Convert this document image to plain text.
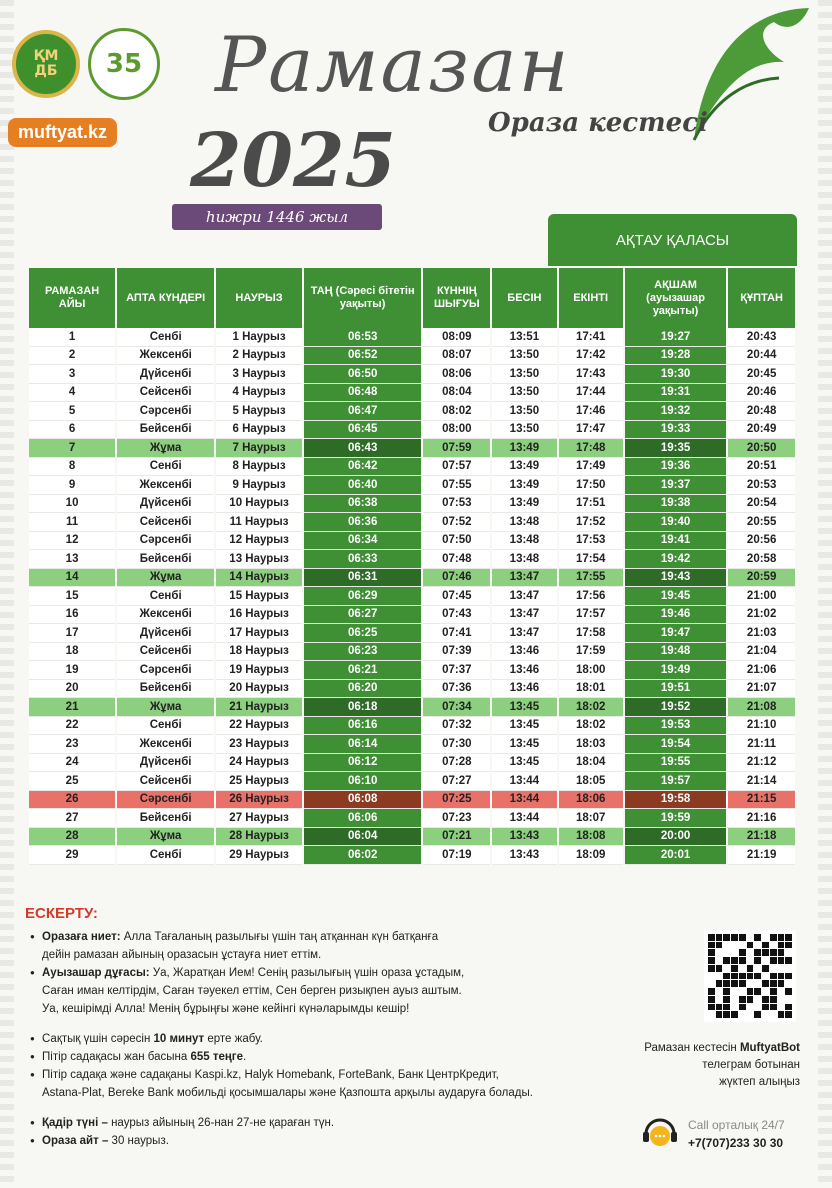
ҚМ
ДБ 35
muftyat.kz
Рамазан
Ораза кестесі
2025
hижри 1446 жыл
АҚТАУ ҚАЛАСЫ
РАМАЗАН АЙЫ	АПТА КҮНДЕРІ	НАУРЫЗ	ТАҢ (Сәресі бітетін уақыты)	КҮННІҢ ШЫҒУЫ	БЕСІН	ЕКІНТІ	АҚШАМ (ауызашар уақыты)	ҚҰПТАН
1	Сенбі	1 Наурыз	06:53	08:09	13:51	17:41	19:27	20:43
2	Жексенбі	2 Наурыз	06:52	08:07	13:50	17:42	19:28	20:44
3	Дүйсенбі	3 Наурыз	06:50	08:06	13:50	17:43	19:30	20:45
4	Сейсенбі	4 Наурыз	06:48	08:04	13:50	17:44	19:31	20:46
5	Сәрсенбі	5 Наурыз	06:47	08:02	13:50	17:46	19:32	20:48
6	Бейсенбі	6 Наурыз	06:45	08:00	13:50	17:47	19:33	20:49
7	Жұма	7 Наурыз	06:43	07:59	13:49	17:48	19:35	20:50
8	Сенбі	8 Наурыз	06:42	07:57	13:49	17:49	19:36	20:51
9	Жексенбі	9 Наурыз	06:40	07:55	13:49	17:50	19:37	20:53
10	Дүйсенбі	10 Наурыз	06:38	07:53	13:49	17:51	19:38	20:54
11	Сейсенбі	11 Наурыз	06:36	07:52	13:48	17:52	19:40	20:55
12	Сәрсенбі	12 Наурыз	06:34	07:50	13:48	17:53	19:41	20:56
13	Бейсенбі	13 Наурыз	06:33	07:48	13:48	17:54	19:42	20:58
14	Жұма	14 Наурыз	06:31	07:46	13:47	17:55	19:43	20:59
15	Сенбі	15 Наурыз	06:29	07:45	13:47	17:56	19:45	21:00
16	Жексенбі	16 Наурыз	06:27	07:43	13:47	17:57	19:46	21:02
17	Дүйсенбі	17 Наурыз	06:25	07:41	13:47	17:58	19:47	21:03
18	Сейсенбі	18 Наурыз	06:23	07:39	13:46	17:59	19:48	21:04
19	Сәрсенбі	19 Наурыз	06:21	07:37	13:46	18:00	19:49	21:06
20	Бейсенбі	20 Наурыз	06:20	07:36	13:46	18:01	19:51	21:07
21	Жұма	21 Наурыз	06:18	07:34	13:45	18:02	19:52	21:08
22	Сенбі	22 Наурыз	06:16	07:32	13:45	18:02	19:53	21:10
23	Жексенбі	23 Наурыз	06:14	07:30	13:45	18:03	19:54	21:11
24	Дүйсенбі	24 Наурыз	06:12	07:28	13:45	18:04	19:55	21:12
25	Сейсенбі	25 Наурыз	06:10	07:27	13:44	18:05	19:57	21:14
26	Сәрсенбі	26 Наурыз	06:08	07:25	13:44	18:06	19:58	21:15
27	Бейсенбі	27 Наурыз	06:06	07:23	13:44	18:07	19:59	21:16
28	Жұма	28 Наурыз	06:04	07:21	13:43	18:08	20:00	21:18
29	Сенбі	29 Наурыз	06:02	07:19	13:43	18:09	20:01	21:19
ЕСКЕРТУ:
● Оразаға ниет: Алла Тағаланың разылығы үшін таң атқаннан күн батқанға
дейін рамазан айының оразасын ұстауға ниет еттім.
● Ауызашар дұғасы: Уа, Жаратқан Ием! Сенің разылығың үшін ораза ұстадым,
Саған иман келтірдім, Саған тәуекел еттім, Сен берген ризықпен ауыз аштым.
Уа, кешірімді Алла! Менің бұрыңғы және кейінгі күнәларымды кешір!
● Сақтық үшін сәресін 10 минут ерте жабу.
● Пітір садақасы жан басына 655 теңге.
● Пітір садақа және садақаны Kaspi.kz, Halyk Homebank, ForteBank, Банк ЦентрКредит,
Astana-Plat, Bereke Bank мобильді қосымшалары және Қазпошта арқылы аударуға болады.
● Қадір түні – наурыз айының 26-нан 27-не қараған түн.
● Ораза айт – 30 наурыз.
Рамазан кестесін MuftyatBot
телеграм ботынан
жүктеп алыңыз
Call орталық 24/7
+7(707)233 30 30
